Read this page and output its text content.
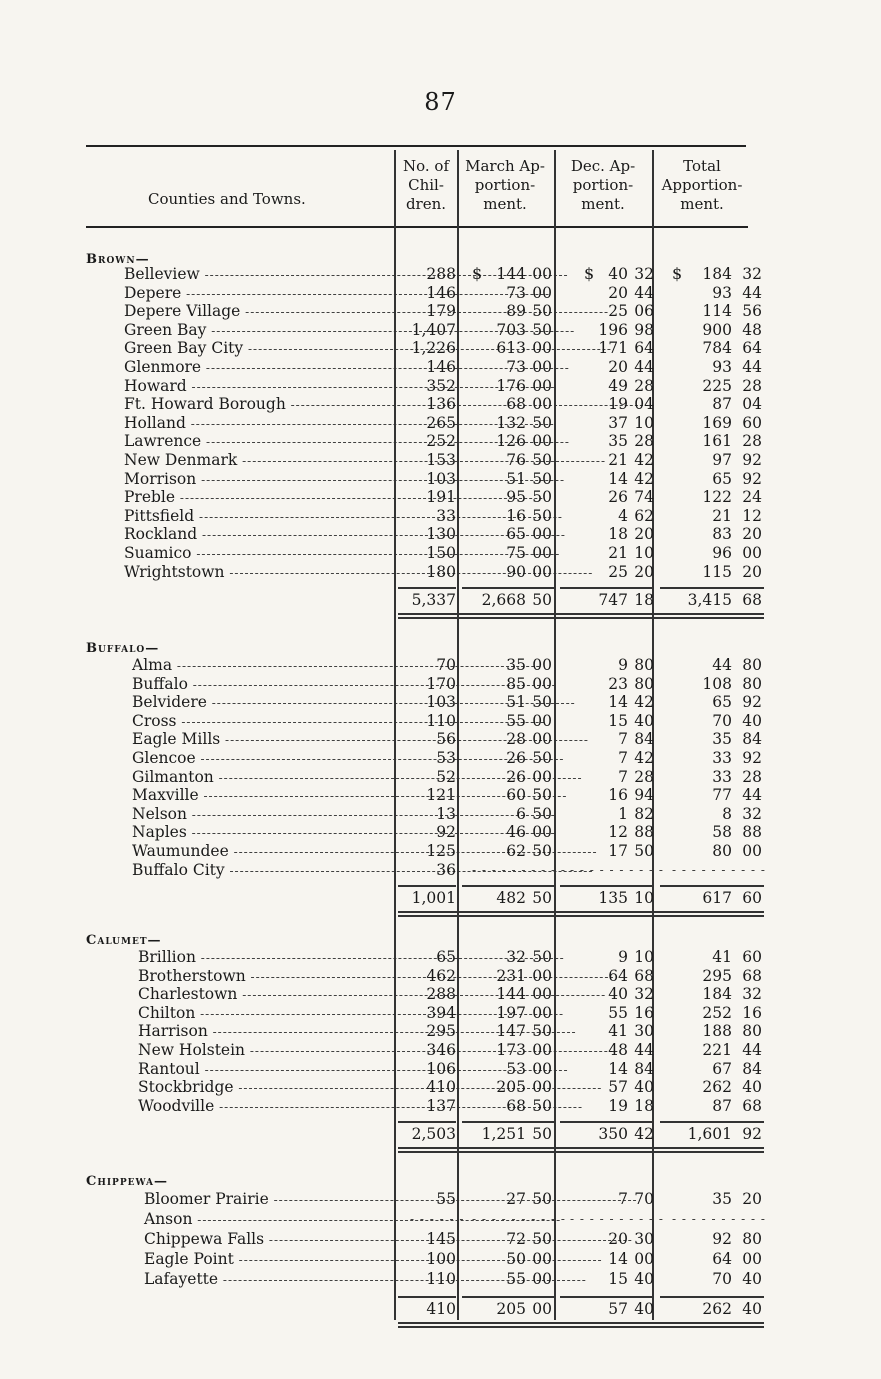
87
Counties and Towns.
No. of
Chil-
dren.
March Ap-
portion-
ment.
Dec. Ap-
portion-
ment.
Total
Apportion-
ment.
Brown—
Belleview -----	288	144 00	40 32	184 32
$	$	$
Depere -----	146	73 00	20 44	93 44
Depere Village -----	179	89 50	25 06	114 56
Green Bay -----	1,407	703 50	196 98	900 48
Green Bay City -----	1,226	613 00	171 64	784 64
Glenmore -----	146	73 00	20 44	93 44
Howard -----	352	176 00	49 28	225 28
Ft. Howard Borough -----	136	68 00	19 04	87 04
Holland -----	265	132 50	37 10	169 60
Lawrence -----	252	126 00	35 28	161 28
New Denmark -----	153	76 50	21 42	97 92
Morrison -----	103	51 50	14 42	65 92
Preble -----	191	95 50	26 74	122 24
Pittsfield -----	33	16 50	4 62	21 12
Rockland -----	130	65 00	18 20	83 20
Suamico -----	150	75 00	21 10	96 00
Wrightstown -----	180	90 00	25 20	115 20
5,337	2,668 50	747 18	3,415 68
Buffalo—
Alma -----	70	35 00	9 80	44 80
Buffalo -----	170	85 00	23 80	108 80
Belvidere -----	103	51 50	14 42	65 92
Cross -----	110	55 00	15 40	70 40
Eagle Mills -----	56	28 00	7 84	35 84
Glencoe -----	53	26 50	7 42	33 92
Gilmanton -----	52	26 00	7 28	33 28
Maxville -----	121	60 50	16 94	77 44
Nelson -----	13	6 50	1 82	8 32
Naples -----	92	46 00	12 88	58 88
Waumundee -----	125	62 50	17 50	80 00
Buffalo City -----	36 - - - - - - - - - - - - - - - - - - - - - - - - - - - - - -
1,001	482 50	135 10	617 60
Calumet—
Brillion -----	65	32 50	9 10	41 60
Brotherstown -----	462	231 00	64 68	295 68
Charlestown -----	288	144 00	40 32	184 32
Chilton -----	394	197 00	55 16	252 16
Harrison -----	295	147 50	41 30	188 80
New Holstein -----	346	173 00	48 44	221 44
Rantoul -----	106	53 00	14 84	67 84
Stockbridge -----	410	205 00	57 40	262 40
Woodville -----	137	68 50	19 18	87 68
2,503	1,251 50	350 42	1,601 92
Chippewa—
Bloomer Prairie -----	55	27 50	7 70	35 20
Anson -----	- - - - - - - - - - - - - - - - - - - - - - - - - - - - - -
- - - - - -
Chippewa Falls -----	145	72 50	20 30	92 80
Eagle Point -----	100	50 00	14 00	64 00
Lafayette -----	110	55 00	15 40	70 40
410	205 00	57 40	262 40
